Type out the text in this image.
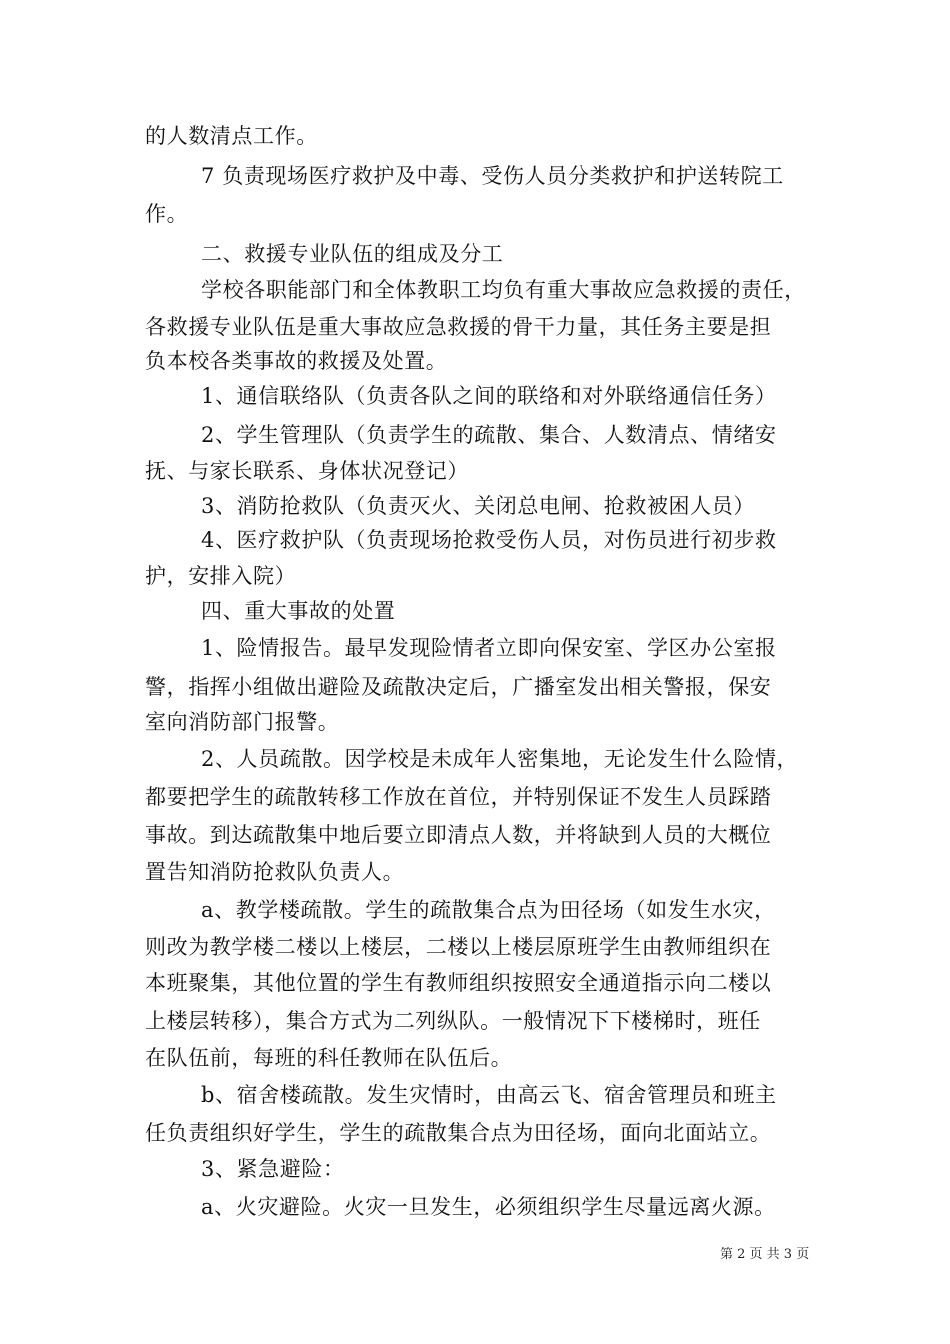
的人数清点工作。
7 负责现场医疗救护及中毒、受伤人员分类救护和护送转院工
作。
二、救援专业队伍的组成及分工
学校各职能部门和全体教职工均负有重大事故应急救援的责任，
各救援专业队伍是重大事故应急救援的骨干力量，其任务主要是担
负本校各类事故的救援及处置。
1、通信联络队（负责各队之间的联络和对外联络通信任务）
2、学生管理队（负责学生的疏散、集合、人数清点、情绪安
抚、与家长联系、身体状况登记）
3、消防抢救队（负责灭火、关闭总电闸、抢救被困人员）
4、医疗救护队（负责现场抢救受伤人员，对伤员进行初步救
护，安排入院）
四、重大事故的处置
1、险情报告。最早发现险情者立即向保安室、学区办公室报
警，指挥小组做出避险及疏散决定后，广播室发出相关警报，保安
室向消防部门报警。
2、人员疏散。因学校是未成年人密集地，无论发生什么险情，
都要把学生的疏散转移工作放在首位，并特别保证不发生人员踩踏
事故。到达疏散集中地后要立即清点人数，并将缺到人员的大概位
置告知消防抢救队负责人。
a、教学楼疏散。学生的疏散集合点为田径场（如发生水灾，
则改为教学楼二楼以上楼层，二楼以上楼层原班学生由教师组织在
本班聚集，其他位置的学生有教师组织按照安全通道指示向二楼以
上楼层转移），集合方式为二列纵队。一般情况下下楼梯时，班任
在队伍前，每班的科任教师在队伍后。
b、宿舍楼疏散。发生灾情时，由高云飞、宿舍管理员和班主
任负责组织好学生，学生的疏散集合点为田径场，面向北面站立。
3、紧急避险：
a、火灾避险。火灾一旦发生，必须组织学生尽量远离火源。
第 2 页 共 3 页
